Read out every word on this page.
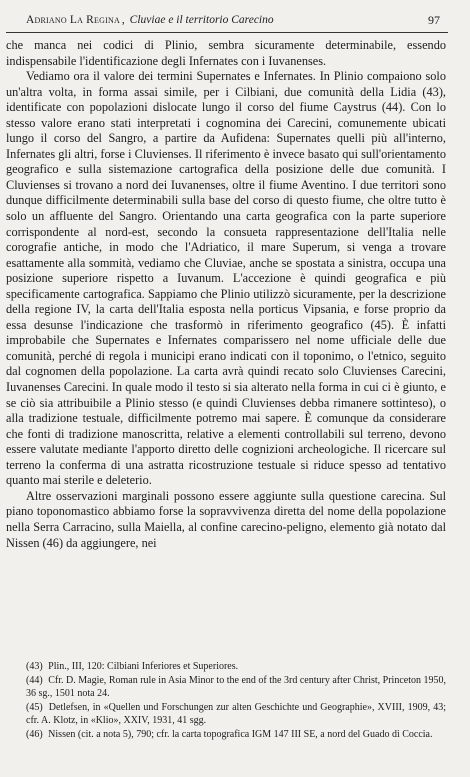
Adriano La Regina , Cluviae e il territorio Carecino	97

che manca nei codici di Plinio, sembra sicuramente determinabile, essendo indispensabile l'identificazione degli Infernates con i Iuvanenses.

Vediamo ora il valore dei termini Supernates e Infernates. In Plinio compaiono solo un'altra volta, in forma assai simile, per i Cilbiani, due comunità della Lidia (43), identificate con popolazioni dislocate lungo il corso del fiume Caystrus (44). Con lo stesso valore erano stati interpretati i cognomina dei Carecini, comunemente ubicati lungo il corso del Sangro, a partire da Aufidena: Supernates quelli più all'interno, Infernates gli altri, forse i Cluvienses. Il riferimento è invece basato qui sull'orientamento geografico e sulla sistemazione cartografica della posizione delle due comunità. I Cluvienses si trovano a nord dei Iuvanenses, oltre il fiume Aventino. I due territori sono dunque difficilmente determinabili sulla base del corso di questo fiume, che oltre tutto è solo un affluente del Sangro. Orientando una carta geografica con la parte superiore corrispondente al nord-est, secondo la consueta rappresentazione dell'Italia nelle corografie antiche, in modo che l'Adriatico, il mare Superum, si venga a trovare esattamente alla sommità, vediamo che Cluviae, anche se spostata a sinistra, occupa una posizione superiore rispetto a Iuvanum. L'accezione è quindi geografica e più specificamente cartografica. Sappiamo che Plinio utilizzò sicuramente, per la descrizione della regione IV, la carta dell'Italia esposta nella porticus Vipsania, e forse proprio da essa desunse l'indicazione che trasformò in riferimento geografico (45). È infatti improbabile che Supernates e Infernates comparissero nel nome ufficiale delle due comunità, perché di regola i municipi erano indicati con il toponimo, o l'etnico, seguito dal cognomen della popolazione. La carta avrà quindi recato solo Cluvienses Carecini, Iuvanenses Carecini. In quale modo il testo si sia alterato nella forma in cui ci è giunto, e se ciò sia attribuibile a Plinio stesso (e quindi Cluvienses debba rimanere sottinteso), o alla tradizione testuale, difficilmente potremo mai sapere. È comunque da considerare che fonti di tradizione manoscritta, relative a elementi controllabili sul terreno, devono essere valutate mediante l'apporto diretto delle cognizioni archeologiche. Il ricercare sul terreno la conferma di una astratta ricostruzione testuale si riduce spesso ad tentativo quanto mai sterile e deleterio.

Altre osservazioni marginali possono essere aggiunte sulla questione carecina. Sul piano toponomastico abbiamo forse la sopravvivenza diretta del nome della popolazione nella Serra Carracino, sulla Maiella, al confine carecino-peligno, elemento già notato dal Nissen (46) da aggiungere, nei

(43) Plin., III, 120: Cilbiani Inferiores et Superiores.

(44) Cfr. D. Magie, Roman rule in Asia Minor to the end of the 3rd century after Christ, Princeton 1950, 36 sg., 1501 nota 24.

(45) Detlefsen, in «Quellen und Forschungen zur alten Geschichte und Geographie», XVIII, 1909, 43; cfr. A. Klotz, in «Klio», XXIV, 1931, 41 sgg.

(46) Nissen (cit. a nota 5), 790; cfr. la carta topografica IGM 147 III SE, a nord del Guado di Coccia.
